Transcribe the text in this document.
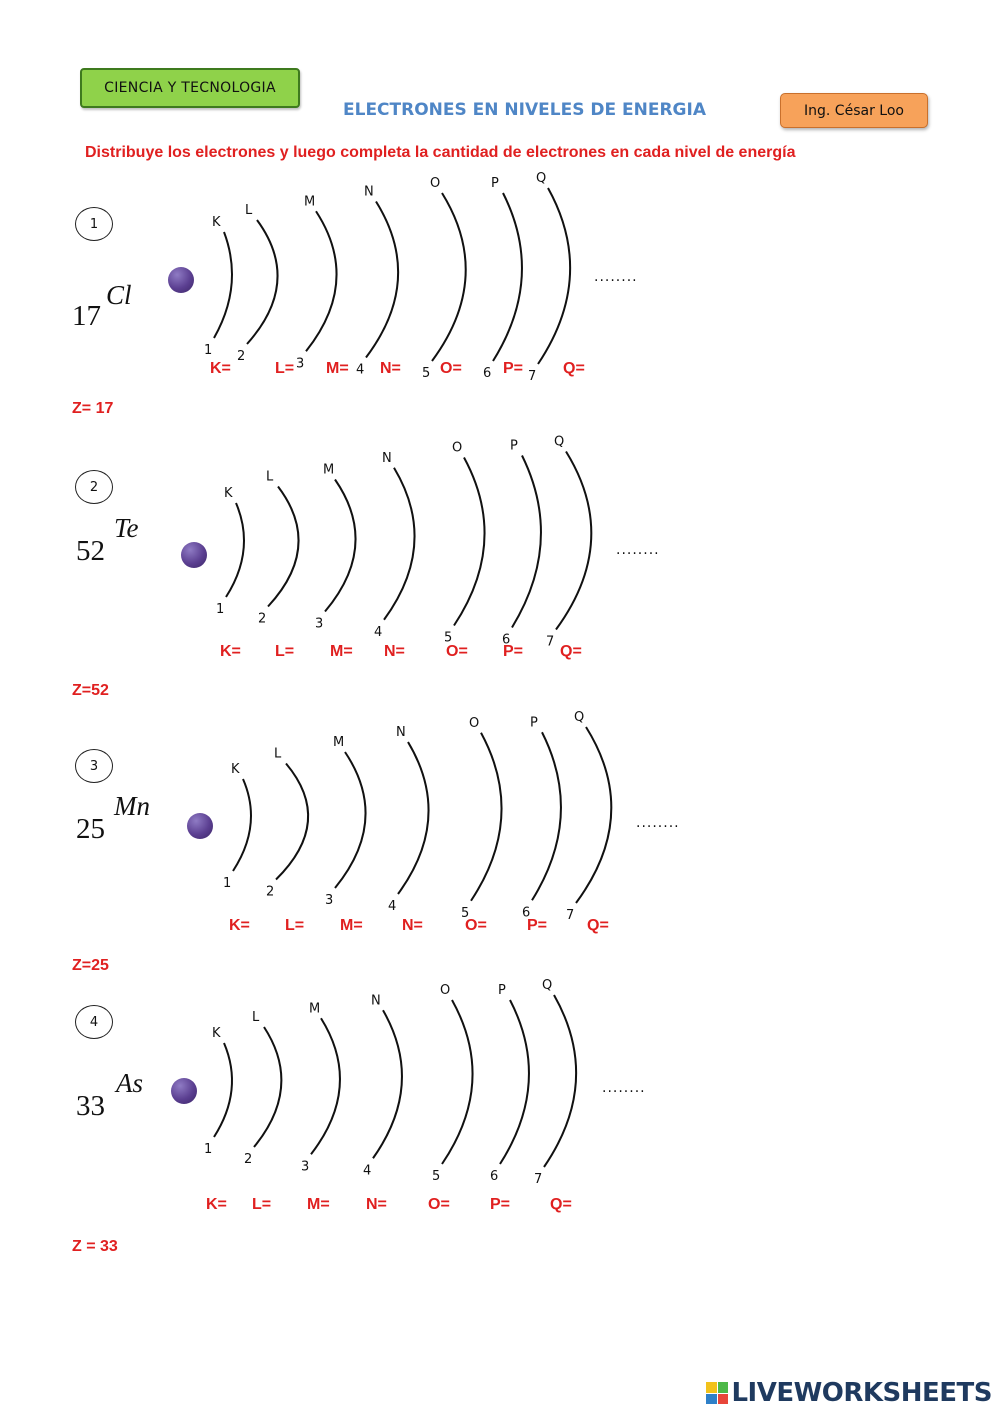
CIENCIA Y TECNOLOGIA
ELECTRONES EN NIVELES DE ENERGIA	Ing. César Loo
Distribuye los electrones y luego completa la cantidad de electrones en cada nivel de energía
1
17
Cl
K
1
L
2
M
3
N
4
O
5
P
6
Q
7
........
K=	L= M= N= O=	P= Q=
Z= 17
2
52
Te
K
1
L
2
M
3
N
4
O
5
P
6
Q
7
........
K= L= M= N=	O= P= Q=
Z=52
3
25
Mn
K
1
L
2
M
3
N
4
O
5
P
6
Q
7
........
K= L= M= N=	O=	P= Q=
Z=25
4
33
As
K
1
L
2
M
3
N
4
O
5
P
6
Q
7
........
K= L= M= N=	O=	P= Q=
Z = 33
LIVEWORKSHEETS
